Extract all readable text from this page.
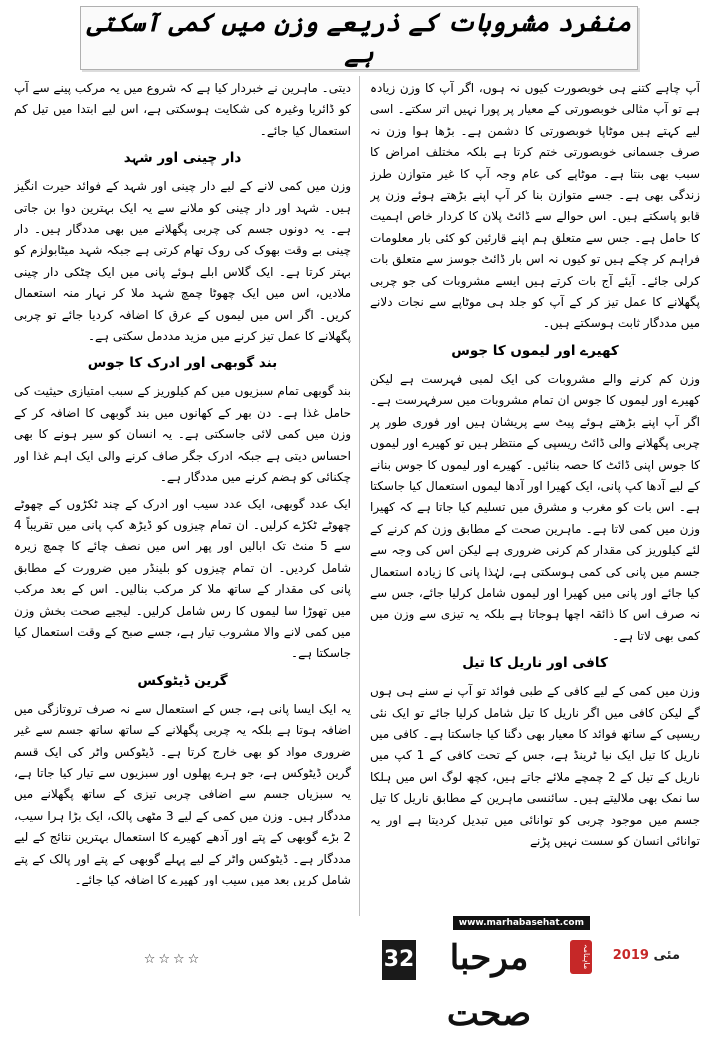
منفرد مشروبات کے ذریعے وزن میں کمی آسکتی ہے

آپ چاہے کتنے ہی خوبصورت کیوں نہ ہوں، اگر آپ کا وزن زیادہ ہے تو آپ مثالی خوبصورتی کے معیار پر پورا نہیں اتر سکتے۔ اسی لیے کہتے ہیں موٹاپا خوبصورتی کا دشمن ہے۔ بڑھا ہوا وزن نہ صرف جسمانی خوبصورتی ختم کرتا ہے بلکہ مختلف امراض کا سبب بھی بنتا ہے۔ موٹاپے کی عام وجہ آپ کا غیر متوازن طرز زندگی بھی ہے۔ جسے متوازن بنا کر آپ اپنے بڑھتے ہوئے وزن پر قابو پاسکتے ہیں۔ اس حوالے سے ڈائٹ پلان کا کردار خاص اہمیت کا حامل ہے۔ جس سے متعلق ہم اپنے قارئین کو کئی بار معلومات فراہم کر چکے ہیں تو کیوں نہ اس بار ڈائٹ جوسز سے متعلق بات کرلی جائے۔ آیئے آج بات کرتے ہیں ایسے مشروبات کی جو چربی پگھلانے کا عمل تیز کر کے آپ کو جلد ہی موٹاپے سے نجات دلانے میں مددگار ثابت ہوسکتے ہیں۔

کھیرے اور لیموں کا جوس

وزن کم کرنے والے مشروبات کی ایک لمبی فہرست ہے لیکن کھیرے اور لیموں کا جوس ان تمام مشروبات میں سرفہرست ہے۔ اگر آپ اپنے بڑھتے ہوئے پیٹ سے پریشان ہیں اور فوری طور پر چربی پگھلانے والی ڈائٹ ریسپی کے منتظر ہیں تو کھیرے اور لیموں کا جوس اپنی ڈائٹ کا حصہ بنائیں۔ کھیرے اور لیموں کا جوس بنانے کے لیے آدھا کپ پانی، ایک کھیرا اور آدھا لیموں استعمال کیا جاسکتا ہے۔ اس بات کو مغرب و مشرق میں تسلیم کیا جاتا ہے کہ کھیرا وزن میں کمی لاتا ہے۔ ماہرین صحت کے مطابق وزن کم کرنے کے لئے کیلوریز کی مقدار کم کرنی ضروری ہے لیکن اس کی وجہ سے جسم میں پانی کی کمی ہوسکتی ہے، لہٰذا پانی کا زیادہ استعمال کیا جائے اور پانی میں کھیرا اور لیموں شامل کرلیا جائے، جس سے نہ صرف اس کا ذائقہ اچھا ہوجاتا ہے بلکہ یہ تیزی سے وزن میں کمی بھی لاتا ہے۔

کافی اور ناریل کا تیل

وزن میں کمی کے لیے کافی کے طبی فوائد تو آپ نے سنے ہی ہوں گے لیکن کافی میں اگر ناریل کا تیل شامل کرلیا جائے تو ایک نئی ریسپی کے ساتھ فوائد کا معیار بھی دگنا کیا جاسکتا ہے۔ کافی میں ناریل کا تیل ایک نیا ٹرینڈ ہے، جس کے تحت کافی کے 1 کپ میں ناریل کے تیل کے 2 چمچے ملائے جاتے ہیں، کچھ لوگ اس میں ہلکا سا نمک بھی ملالیتے ہیں۔ سائنسی ماہرین کے مطابق ناریل کا تیل جسم میں موجود چربی کو توانائی میں تبدیل کردیتا ہے اور یہ توانائی انسان کو سست نہیں پڑنے

دیتی۔ ماہرین نے خبردار کیا ہے کہ شروع میں یہ مرکب پینے سے آپ کو ڈائریا وغیرہ کی شکایت ہوسکتی ہے، اس لیے ابتدا میں تیل کم استعمال کیا جائے۔

دار چینی اور شہد

وزن میں کمی لانے کے لیے دار چینی اور شہد کے فوائد حیرت انگیز ہیں۔ شہد اور دار چینی کو ملانے سے یہ ایک بہترین دوا بن جاتی ہے۔ یہ دونوں جسم کی چربی پگھلانے میں بھی مددگار ہیں۔ دار چینی بے وقت بھوک کی روک تھام کرتی ہے جبکہ شہد میٹابولزم کو بہتر کرتا ہے۔ ایک گلاس ابلے ہوئے پانی میں ایک چٹکی دار چینی ملادیں، اس میں ایک چھوٹا چمچ شہد ملا کر نہار منہ استعمال کریں۔ اگر اس میں لیموں کے عرق کا اضافہ کردیا جائے تو چربی پگھلانے کا عمل تیز کرنے میں مزید مددمل سکتی ہے۔

بند گوبھی اور ادرک کا جوس

بند گوبھی تمام سبزیوں میں کم کیلوریز کے سبب امتیازی حیثیت کی حامل غذا ہے۔ دن بھر کے کھانوں میں بند گوبھی کا اضافہ کر کے وزن میں کمی لائی جاسکتی ہے۔ یہ انسان کو سیر ہونے کا بھی احساس دیتی ہے جبکہ ادرک جگر صاف کرنے والی ایک اہم غذا اور چکنائی کو ہضم کرنے میں مددگار ہے۔

ایک عدد گوبھی، ایک عدد سیب اور ادرک کے چند ٹکڑوں کے چھوٹے چھوٹے ٹکڑے کرلیں۔ ان تمام چیزوں کو ڈیڑھ کپ پانی میں تقریباً 4 سے 5 منٹ تک ابالیں اور پھر اس میں نصف چائے کا چمچ زیرہ شامل کردیں۔ ان تمام چیزوں کو بلینڈر میں ضرورت کے مطابق پانی کی مقدار کے ساتھ ملا کر مرکب بنالیں۔ اس کے بعد مرکب میں تھوڑا سا لیموں کا رس شامل کرلیں۔ لیجیے صحت بخش وزن میں کمی لانے والا مشروب تیار ہے، جسے صبح کے وقت استعمال کیا جاسکتا ہے۔

گرین ڈیٹوکس

یہ ایک ایسا پانی ہے، جس کے استعمال سے نہ صرف تروتازگی میں اضافہ ہوتا ہے بلکہ یہ چربی پگھلانے کے ساتھ ساتھ جسم سے غیر ضروری مواد کو بھی خارج کرتا ہے۔ ڈیٹوکس واٹر کی ایک قسم گرین ڈیٹوکس ہے، جو ہرے پھلوں اور سبزیوں سے تیار کیا جاتا ہے، یہ سبزیاں جسم سے اضافی چربی تیزی کے ساتھ پگھلانے میں مددگار ہیں۔ وزن میں کمی کے لیے 3 مٹھی پالک، ایک بڑا ہرا سیب، 2 بڑے گوبھی کے پتے اور آدھے کھیرے کا استعمال بہترین نتائج کے لیے مددگار ہے۔ ڈیٹوکس واٹر کے لیے پہلے گوبھی کے پتے اور پالک کے پتے شامل کریں بعد میں سیب اور کھیرے کا اضافہ کیا جائے۔

☆☆☆☆
www.marhabasehat.com
ماہنامہ
مرحبا صحت
32	مئی 2019
